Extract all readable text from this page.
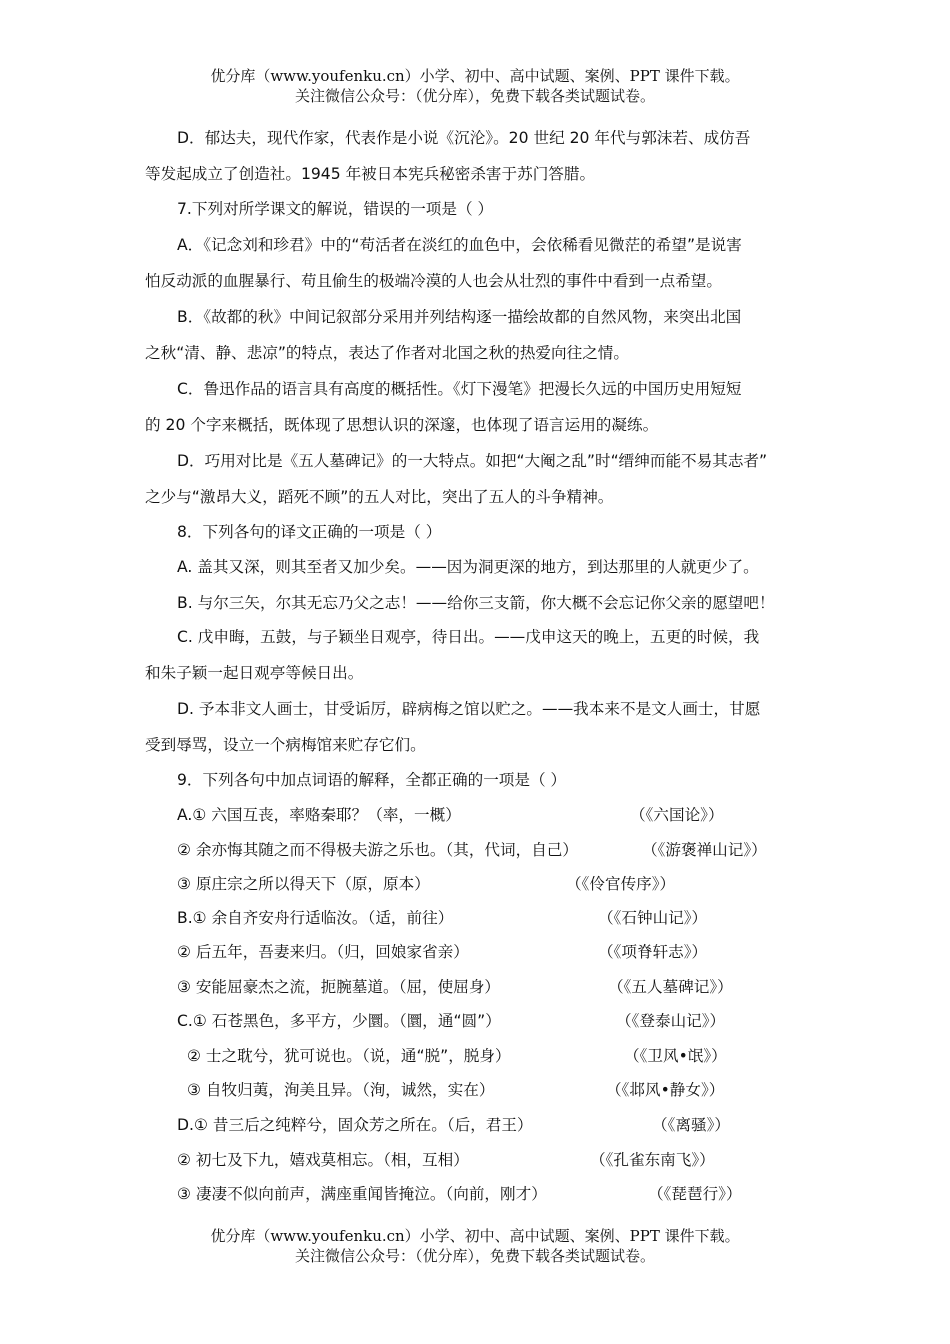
优分库（www.youfenku.cn）小学、初中、高中试题、案例、PPT 课件下载。
关注微信公众号：（优分库），免费下载各类试题试卷。
D．郁达夫，现代作家，代表作是小说《沉沦》。20 世纪 20 年代与郭沫若、成仿吾
等发起成立了创造社。1945 年被日本宪兵秘密杀害于苏门答腊。
7.下列对所学课文的解说，错误的一项是（ ）
A．《记念刘和珍君》中的“苟活者在淡红的血色中，会依稀看见微茫的希望”是说害
怕反动派的血腥暴行、苟且偷生的极端冷漠的人也会从壮烈的事件中看到一点希望。
B．《故都的秋》中间记叙部分采用并列结构逐一描绘故都的自然风物，来突出北国
之秋“清、静、悲凉”的特点，表达了作者对北国之秋的热爱向往之情。
C．鲁迅作品的语言具有高度的概括性。《灯下漫笔》把漫长久远的中国历史用短短
的 20 个字来概括，既体现了思想认识的深邃，也体现了语言运用的凝练。
D．巧用对比是《五人墓碑记》的一大特点。如把“大阉之乱”时“缙绅而能不易其志者”
之少与“激昂大义，蹈死不顾”的五人对比，突出了五人的斗争精神。
8．下列各句的译文正确的一项是（ ）
A. 盖其又深，则其至者又加少矣。——因为洞更深的地方，到达那里的人就更少了。
B. 与尔三矢，尔其无忘乃父之志！——给你三支箭，你大概不会忘记你父亲的愿望吧！
C. 戊申晦，五鼓，与子颖坐日观亭，待日出。——戊申这天的晚上，五更的时候，我
和朱子颖一起日观亭等候日出。
D. 予本非文人画士，甘受诟厉，辟病梅之馆以贮之。——我本来不是文人画士，甘愿
受到辱骂，设立一个病梅馆来贮存它们。
9．下列各句中加点词语的解释，全都正确的一项是（ ）
A.① 六国互丧，率赂秦耶？（率，一概）	（《六国论》）
② 余亦悔其随之而不得极夫游之乐也。（其，代词，自己）	（《游褒禅山记》）
③ 原庄宗之所以得天下（原，原本）	（《伶官传序》）
B.① 余自齐安舟行适临汝。（适，前往）	（《石钟山记》）
② 后五年，吾妻来归。（归，回娘家省亲）	（《项脊轩志》）
③ 安能屈豪杰之流，扼腕墓道。（屈，使屈身）	（《五人墓碑记》）
C.① 石苍黑色，多平方，少圜。（圜，通“圆”）	（《登泰山记》）
② 士之耽兮，犹可说也。（说，通“脱”，脱身）	（《卫风•氓》）
③ 自牧归荑，洵美且异。（洵，诚然，实在）	（《邶风•静女》）
D.① 昔三后之纯粹兮，固众芳之所在。（后，君王）	（《离骚》）
② 初七及下九，嬉戏莫相忘。（相，互相）	（《孔雀东南飞》）
③ 凄凄不似向前声，满座重闻皆掩泣。（向前，刚才）	（《琵琶行》）
优分库（www.youfenku.cn）小学、初中、高中试题、案例、PPT 课件下载。
关注微信公众号：（优分库），免费下载各类试题试卷。
